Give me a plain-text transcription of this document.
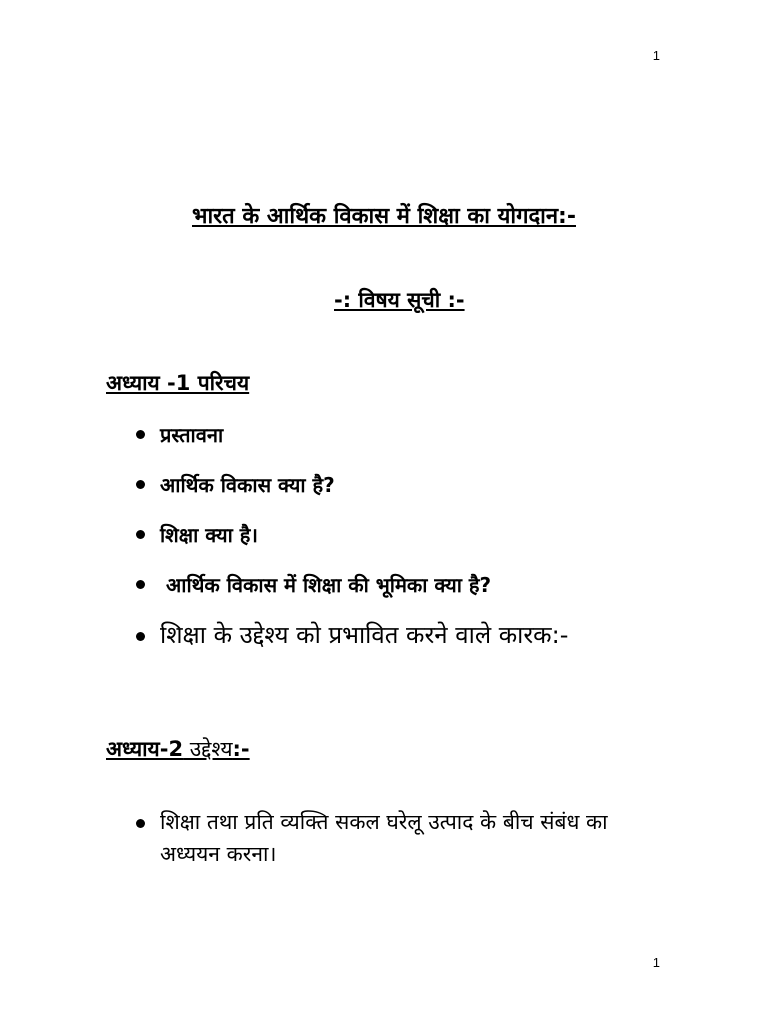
1
भारत के आर्थिक विकास में शिक्षा का योगदान:-
-: विषय सूची :-
अध्याय -1 परिचय
प्रस्तावना
आर्थिक विकास क्या है?
शिक्षा क्या है।
आर्थिक विकास में शिक्षा की भूमिका क्या है?
शिक्षा के उद्देश्य को प्रभावित करने वाले कारक:-
अध्याय-2 उद्देश्य:-
शिक्षा तथा प्रति व्यक्ति सकल घरेलू उत्पाद के बीच संबंध का अध्ययन करना।
1
